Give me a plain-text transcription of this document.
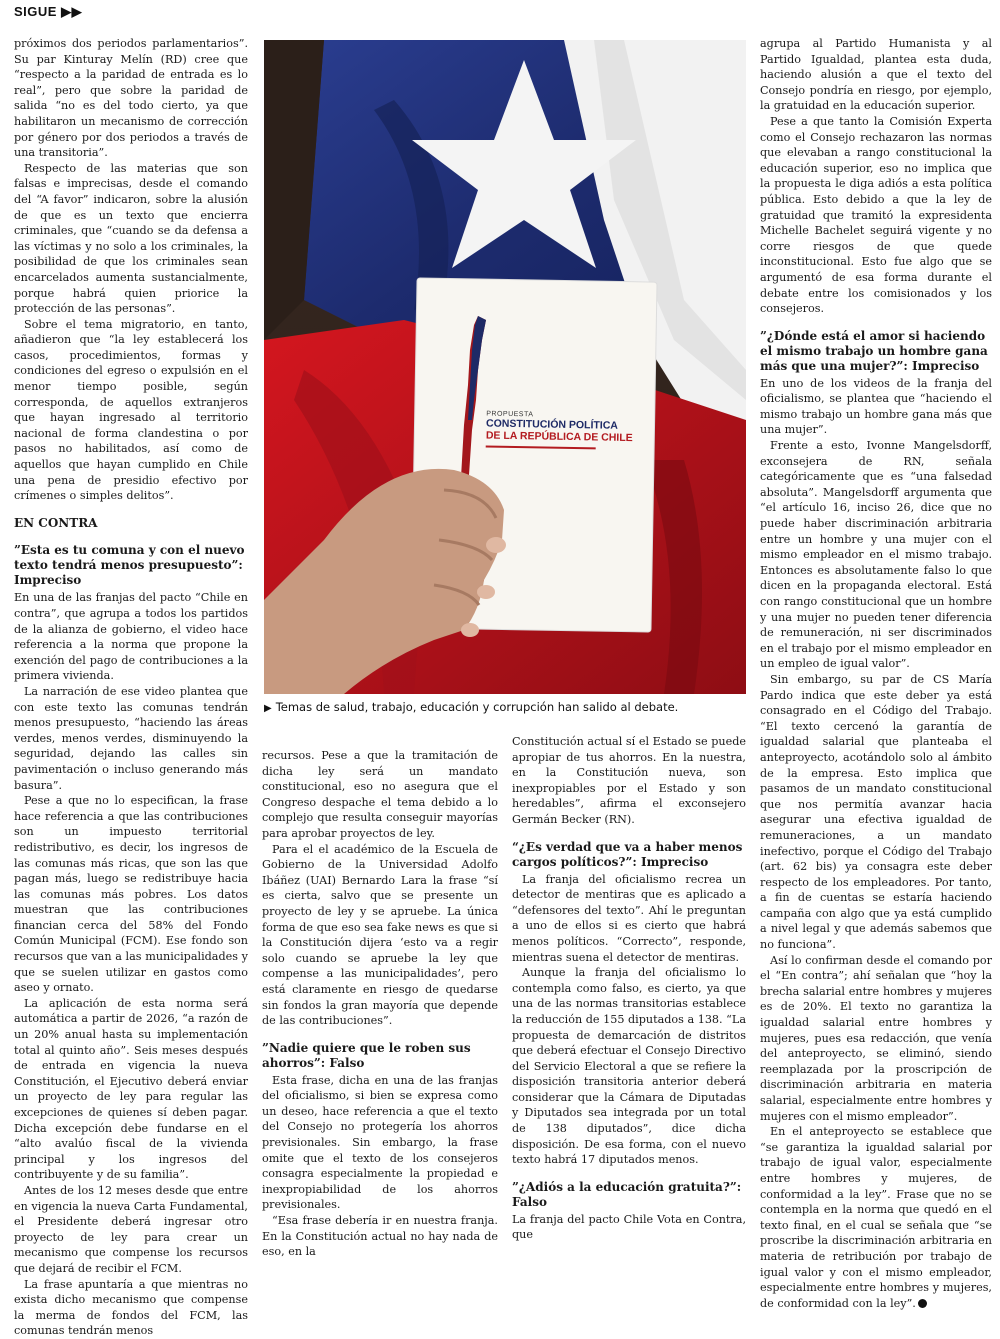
SIGUE ▶▶

próximos dos periodos parlamentarios”. Su par Kinturay Melín (RD) cree que “respecto a la paridad de entrada es lo real”, pero que sobre la paridad de salida “no es del todo cierto, ya que habilitaron un mecanismo de corrección por género por dos periodos a través de una transitoria”.

Respecto de las materias que son falsas e imprecisas, desde el comando del “A favor” indicaron, sobre la alusión de que es un texto que encierra criminales, que “cuando se da defensa a las víctimas y no solo a los criminales, la posibilidad de que los criminales sean encarcelados aumenta sustancialmente, porque habrá quien priorice la protección de las personas”.

Sobre el tema migratorio, en tanto, añadieron que “la ley establecerá los casos, procedimientos, formas y condiciones del egreso o expulsión en el menor tiempo posible, según corresponda, de aquellos extranjeros que hayan ingresado al territorio nacional de forma clandestina o por pasos no habilitados, así como de aquellos que hayan cumplido en Chile una pena de presidio efectivo por crímenes o simples delitos”.

EN CONTRA
”Esta es tu comuna y con el nuevo texto tendrá menos presupuesto”: Impreciso

En una de las franjas del pacto “Chile en contra”, que agrupa a todos los partidos de la alianza de gobierno, el video hace referencia a la norma que propone la exención del pago de contribuciones a la primera vivienda.

La narración de ese video plantea que con este texto las comunas tendrán menos presupuesto, “haciendo las áreas verdes, menos verdes, disminuyendo la seguridad, dejando las calles sin pavimentación o incluso generando más basura”.

Pese a que no lo especifican, la frase hace referencia a que las contribuciones son un impuesto territorial redistributivo, es decir, los ingresos de las comunas más ricas, que son las que pagan más, luego se redistribuye hacia las comunas más pobres. Los datos muestran que las contribuciones financian cerca del 58% del Fondo Común Municipal (FCM). Ese fondo son recursos que van a las municipalidades y que se suelen utilizar en gastos como aseo y ornato.

La aplicación de esta norma será automática a partir de 2026, “a razón de un 20% anual hasta su implementación total al quinto año”. Seis meses después de entrada en vigencia la nueva Constitución, el Ejecutivo deberá enviar un proyecto de ley para regular las excepciones de quienes sí deben pagar. Dicha excepción debe fundarse en el “alto avalúo fiscal de la vivienda principal y los ingresos del contribuyente y de su familia”.

Antes de los 12 meses desde que entre en vigencia la nueva Carta Fundamental, el Presidente deberá ingresar otro proyecto de ley para crear un mecanismo que compense los recursos que dejará de recibir el FCM.

La frase apuntaría a que mientras no exista dicho mecanismo que compense la merma de fondos del FCM, las comunas tendrán menos

PROPUESTA
CONSTITUCIÓN POLÍTICA
DE LA REPÚBLICA DE CHILE
▶ Temas de salud, trabajo, educación y corrupción han salido al debate.

recursos. Pese a que la tramitación de dicha ley será un mandato constitucional, eso no asegura que el Congreso despache el tema debido a lo complejo que resulta conseguir mayorías para aprobar proyectos de ley.

Para el el académico de la Escuela de Gobierno de la Universidad Adolfo Ibáñez (UAI) Bernardo Lara la frase “sí es cierta, salvo que se presente un proyecto de ley y se apruebe. La única forma de que eso sea fake news es que si la Constitución dijera ‘esto va a regir solo cuando se apruebe la ley que compense a las municipalidades’, pero está claramente en riesgo de quedarse sin fondos la gran mayoría que depende de las contribuciones”.

”Nadie quiere que le roben sus ahorros”: Falso

Esta frase, dicha en una de las franjas del oficialismo, si bien se expresa como un deseo, hace referencia a que el texto del Consejo no protegería los ahorros previsionales. Sin embargo, la frase omite que el texto de los consejeros consagra especialmente la propiedad e inexpropiabilidad de los ahorros previsionales.

“Esa frase debería ir en nuestra franja. En la Constitución actual no hay nada de eso, en la

Constitución actual sí el Estado se puede apropiar de tus ahorros. En la nuestra, en la Constitución nueva, son inexpropiables por el Estado y son heredables”, afirma el exconsejero Germán Becker (RN).

“¿Es verdad que va a haber menos cargos políticos?”: Impreciso

La franja del oficialismo recrea un detector de mentiras que es aplicado a “defensores del texto”. Ahí le preguntan a uno de ellos si es cierto que habrá menos políticos. “Correcto”, responde, mientras suena el detector de mentiras.

Aunque la franja del oficialismo lo contempla como falso, es cierto, ya que una de las normas transitorias establece la reducción de 155 diputados a 138. “La propuesta de demarcación de distritos que deberá efectuar el Consejo Directivo del Servicio Electoral a que se refiere la disposición transitoria anterior deberá considerar que la Cámara de Diputadas y Diputados sea integrada por un total de 138 diputados”, dice dicha disposición. De esa forma, con el nuevo texto habrá 17 diputados menos.

”¿Adiós a la educación gratuita?”: Falso

La franja del pacto Chile Vota en Contra, que

agrupa al Partido Humanista y al Partido Igualdad, plantea esta duda, haciendo alusión a que el texto del Consejo pondría en riesgo, por ejemplo, la gratuidad en la educación superior.

Pese a que tanto la Comisión Experta como el Consejo rechazaron las normas que elevaban a rango constitucional la educación superior, eso no implica que la propuesta le diga adiós a esta política pública. Esto debido a que la ley de gratuidad que tramitó la expresidenta Michelle Bachelet seguirá vigente y no corre riesgos de que quede inconstitucional. Esto fue algo que se argumentó de esa forma durante el debate entre los comisionados y los consejeros.

”¿Dónde está el amor si haciendo el mismo trabajo un hombre gana más que una mujer?”: Impreciso

En uno de los videos de la franja del oficialismo, se plantea que “haciendo el mismo trabajo un hombre gana más que una mujer”.

Frente a esto, Ivonne Mangelsdorff, exconsejera de RN, señala categóricamente que es “una falsedad absoluta”. Mangelsdorff argumenta que “el artículo 16, inciso 26, dice que no puede haber discriminación arbitraria entre un hombre y una mujer con el mismo empleador en el mismo trabajo. Entonces es absolutamente falso lo que dicen en la propaganda electoral. Está con rango constitucional que un hombre y una mujer no pueden tener diferencia de remuneración, ni ser discriminados en el trabajo por el mismo empleador en un empleo de igual valor”.

Sin embargo, su par de CS María Pardo indica que este deber ya está consagrado en el Código del Trabajo. “El texto cercenó la garantía de igualdad salarial que planteaba el anteproyecto, acotándolo solo al ámbito de la empresa. Esto implica que pasamos de un mandato constitucional que nos permitía avanzar hacia asegurar una efectiva igualdad de remuneraciones, a un mandato inefectivo, porque el Código del Trabajo (art. 62 bis) ya consagra este deber respecto de los empleadores. Por tanto, a fin de cuentas se estaría haciendo campaña con algo que ya está cumplido a nivel legal y que además sabemos que no funciona”.

Así lo confirman desde el comando por el “En contra”; ahí señalan que “hoy la brecha salarial entre hombres y mujeres es de 20%. El texto no garantiza la igualdad salarial entre hombres y mujeres, pues esa redacción, que venía del anteproyecto, se eliminó, siendo reemplazada por la proscripción de discriminación arbitraria en materia salarial, especialmente entre hombres y mujeres con el mismo empleador”.

En el anteproyecto se establece que “se garantiza la igualdad salarial por trabajo de igual valor, especialmente entre hombres y mujeres, de conformidad a la ley”. Frase que no se contempla en la norma que quedó en el texto final, en el cual se señala que “se proscribe la discriminación arbitraria en materia de retribución por trabajo de igual valor y con el mismo empleador, especialmente entre hombres y mujeres, de conformidad con la ley”.
